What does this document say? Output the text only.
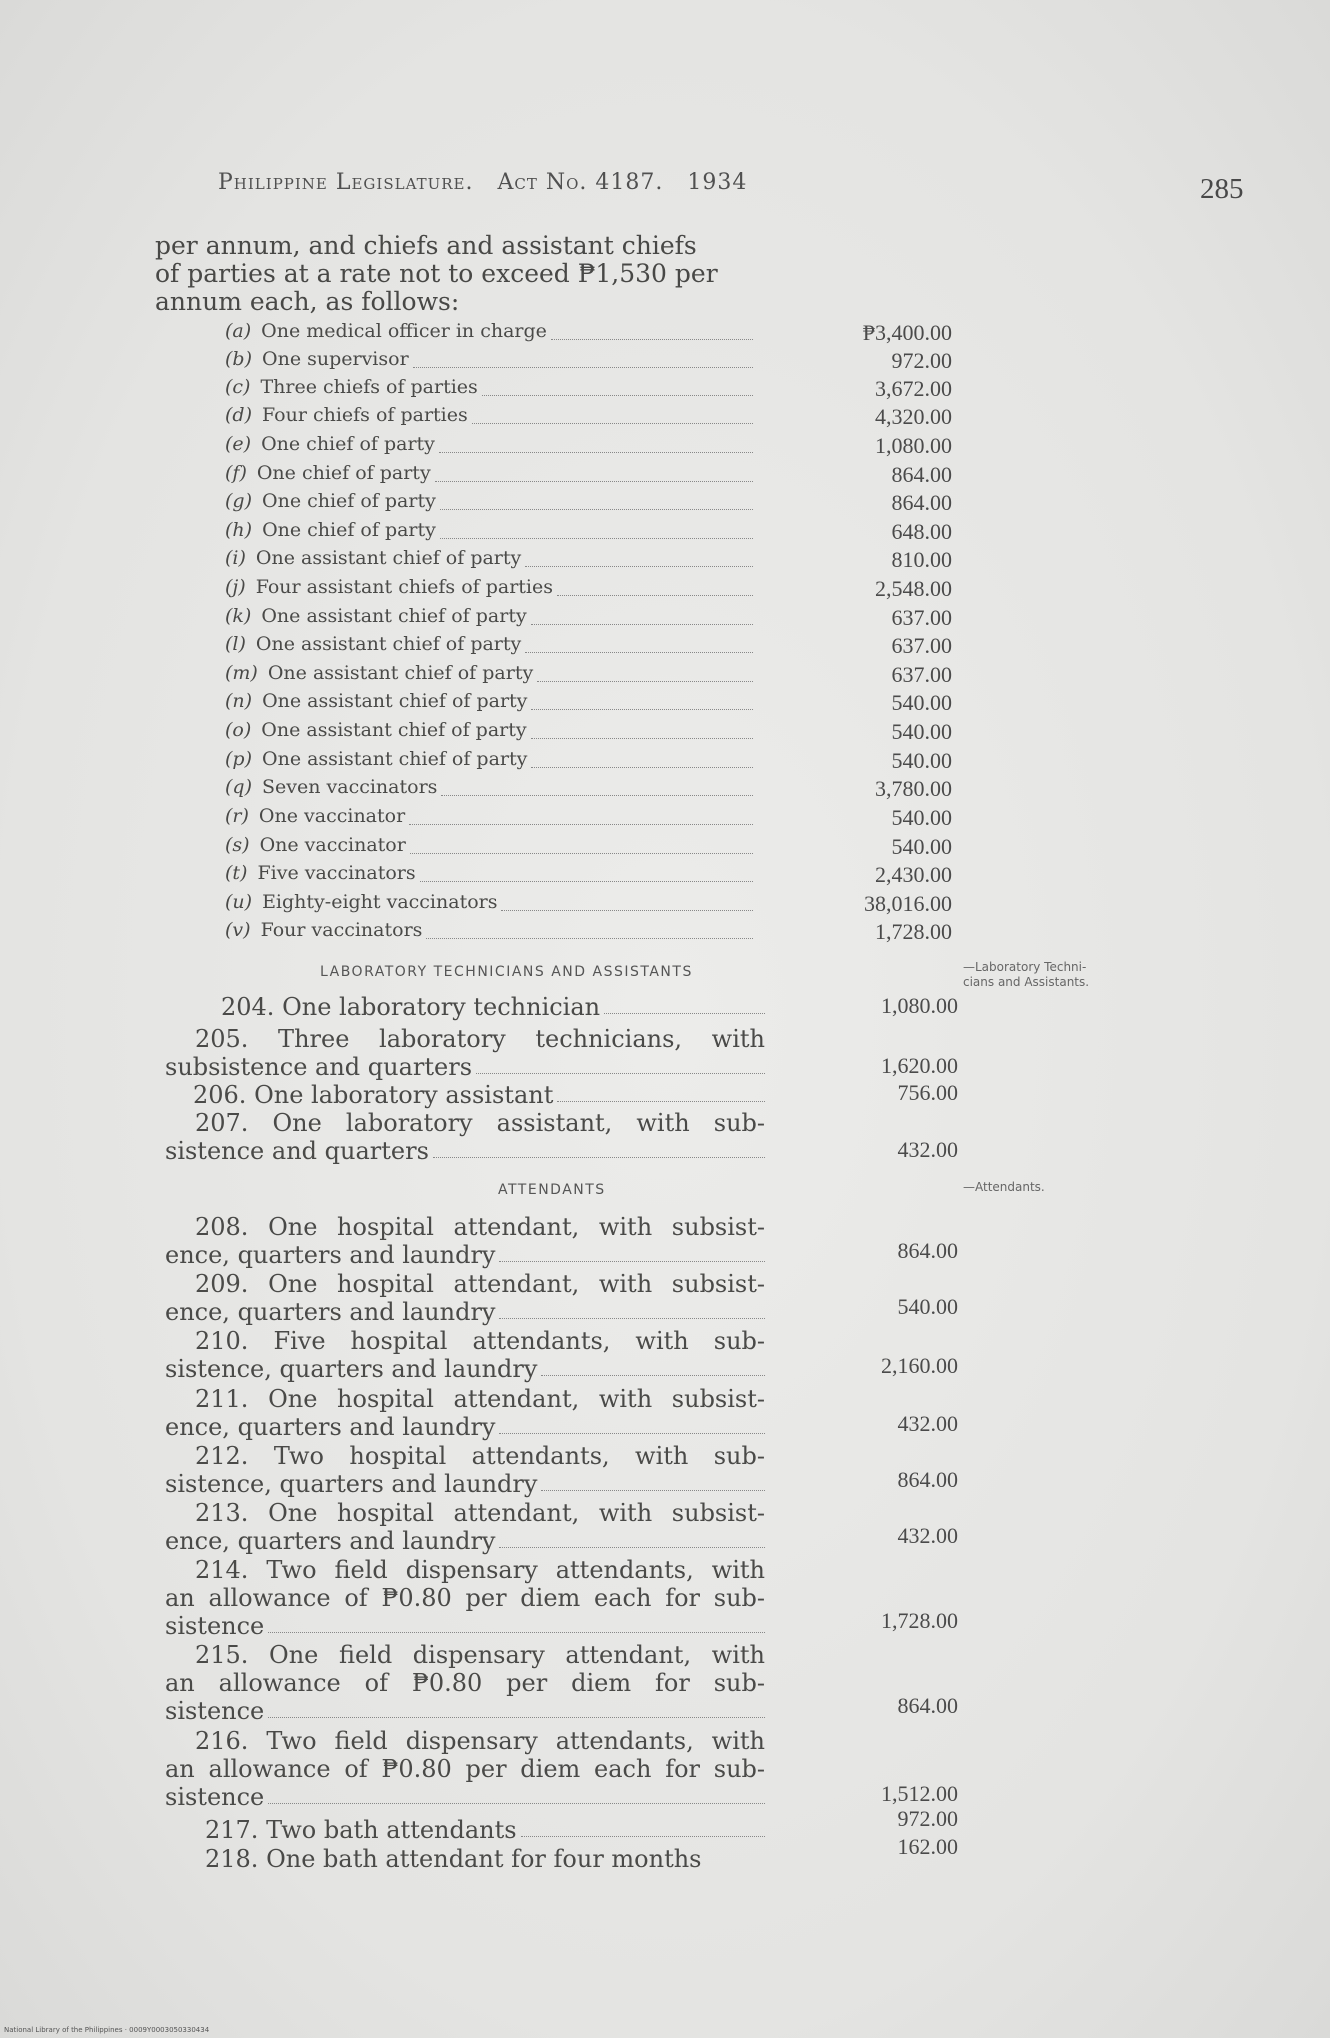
Philippine Legislature. Act No. 4187. 1934	285
per annum, and chiefs and assistant chiefs
of parties at a rate not to exceed ₱1,530 per
annum each, as follows:
(a) One medical officer in charge	₱3,400.00
(b) One supervisor	972.00
(c) Three chiefs of parties	3,672.00
(d) Four chiefs of parties	4,320.00
(e) One chief of party	1,080.00
(f) One chief of party	864.00
(g) One chief of party	864.00
(h) One chief of party	648.00
(i) One assistant chief of party	810.00
(j) Four assistant chiefs of parties	2,548.00
(k) One assistant chief of party	637.00
(l) One assistant chief of party	637.00
(m) One assistant chief of party	637.00
(n) One assistant chief of party	540.00
(o) One assistant chief of party	540.00
(p) One assistant chief of party	540.00
(q) Seven vaccinators	3,780.00
(r) One vaccinator	540.00
(s) One vaccinator	540.00
(t) Five vaccinators	2,430.00
(u) Eighty-eight vaccinators	38,016.00
(v) Four vaccinators	1,728.00
LABORATORY TECHNICIANS AND ASSISTANTS	—Laboratory Techni-
cians and Assistants.
204. One laboratory technician	1,080.00
205. Three laboratory technicians, with
subsistence and quarters	1,620.00
206. One laboratory assistant	756.00
207. One laboratory assistant, with sub-
sistence and quarters	432.00
ATTENDANTS	—Attendants.
208. One hospital attendant, with subsist-
ence, quarters and laundry	864.00
209. One hospital attendant, with subsist-
ence, quarters and laundry	540.00
210. Five hospital attendants, with sub-
sistence, quarters and laundry	2,160.00
211. One hospital attendant, with subsist-
ence, quarters and laundry	432.00
212. Two hospital attendants, with sub-
sistence, quarters and laundry	864.00
213. One hospital attendant, with subsist-
ence, quarters and laundry	432.00
214. Two field dispensary attendants, with
an allowance of ₱0.80 per diem each for sub-
sistence	1,728.00
215. One field dispensary attendant, with
an allowance of ₱0.80 per diem for sub-
sistence	864.00
216. Two field dispensary attendants, with
an allowance of ₱0.80 per diem each for sub-
sistence	1,512.00
217. Two bath attendants	972.00
218. One bath attendant for four months	162.00
National Library of the Philippines · 0009Y0003050330434
